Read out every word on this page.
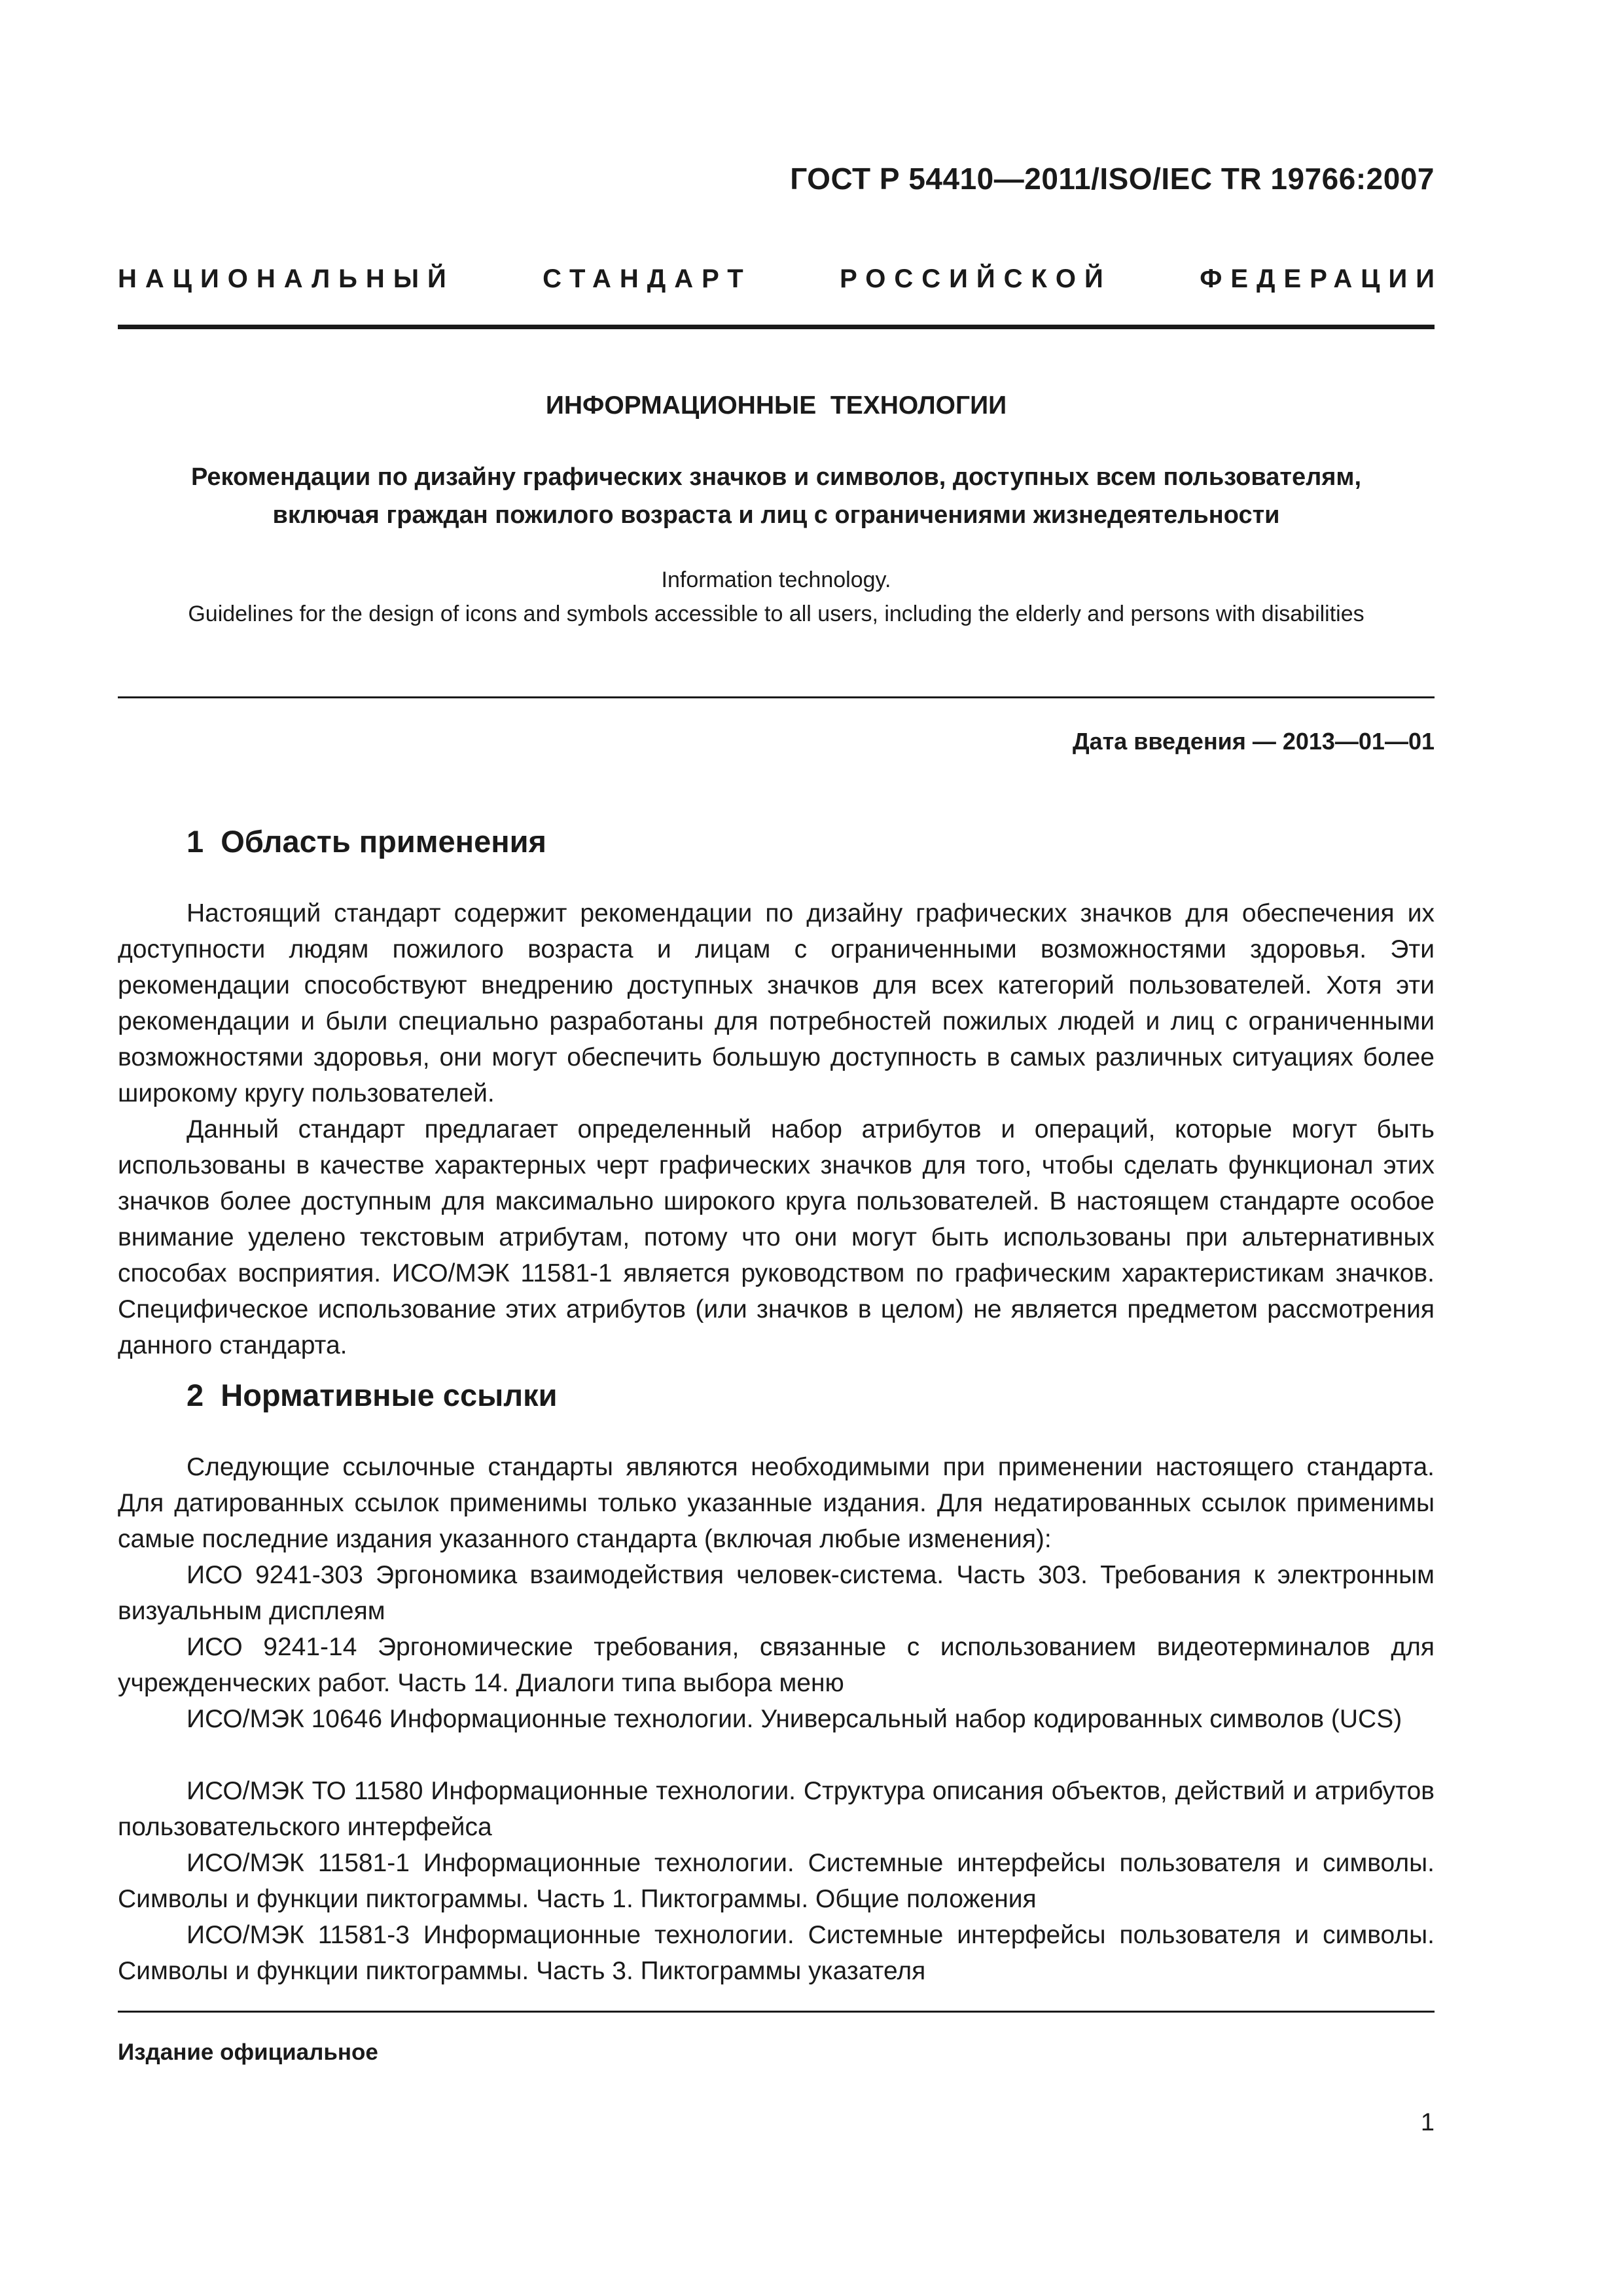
ГОСТ Р 54410—2011/ISO/IEC TR 19766:2007
НАЦИОНАЛЬНЫЙ	СТАНДАРТ	РОССИЙСКОЙ	ФЕДЕРАЦИИ
ИНФОРМАЦИОННЫЕ  ТЕХНОЛОГИИ
Рекомендации по дизайну графических значков и символов, доступных всем пользователям,
включая граждан пожилого возраста и лиц с ограничениями жизнедеятельности
Information technology.
Guidelines for the design of icons and symbols accessible to all users, including the elderly and persons with disabilities
Дата введения — 2013—01—01
1  Область применения

Настоящий стандарт содержит рекомендации по дизайну графических значков для обеспечения их доступности людям пожилого возраста и лицам с ограниченными возможностями здоровья. Эти рекомендации способствуют внедрению доступных значков для всех категорий пользователей. Хотя эти рекомендации и были специально разработаны для потребностей пожилых людей и лиц с ограниченными возможностями здоровья, они могут обеспечить большую доступность в самых различных ситуациях более широкому кругу пользователей.

Данный стандарт предлагает определенный набор атрибутов и операций, которые могут быть использованы в качестве характерных черт графических значков для того, чтобы сделать функционал этих значков более доступным для максимально широкого круга пользователей. В настоящем стандарте особое внимание уделено текстовым атрибутам, потому что они могут быть использованы при альтернативных способах восприятия. ИСО/МЭК 11581-1 является руководством по графическим характеристикам значков. Специфическое использование этих атрибутов (или значков в целом) не является предметом рассмотрения данного стандарта.

2  Нормативные ссылки

Следующие ссылочные стандарты являются необходимыми при применении настоящего стандарта. Для датированных ссылок применимы только указанные издания. Для недатированных ссылок применимы самые последние издания указанного стандарта (включая любые изменения):

ИСО 9241-303 Эргономика взаимодействия человек-система. Часть 303. Требования к электронным визуальным дисплеям

ИСО 9241-14 Эргономические требования, связанные с использованием видеотерминалов для учрежденческих работ. Часть 14. Диалоги типа выбора меню

ИСО/МЭК 10646 Информационные технологии. Универсальный набор кодированных символов (UCS)

ИСО/МЭК ТО 11580 Информационные технологии. Структура описания объектов, действий и атрибутов пользовательского интерфейса

ИСО/МЭК 11581-1 Информационные технологии. Системные интерфейсы пользователя и символы. Символы и функции пиктограммы. Часть 1. Пиктограммы. Общие положения

ИСО/МЭК 11581-3 Информационные технологии. Системные интерфейсы пользователя и символы. Символы и функции пиктограммы. Часть 3. Пиктограммы указателя

Издание официальное
1
